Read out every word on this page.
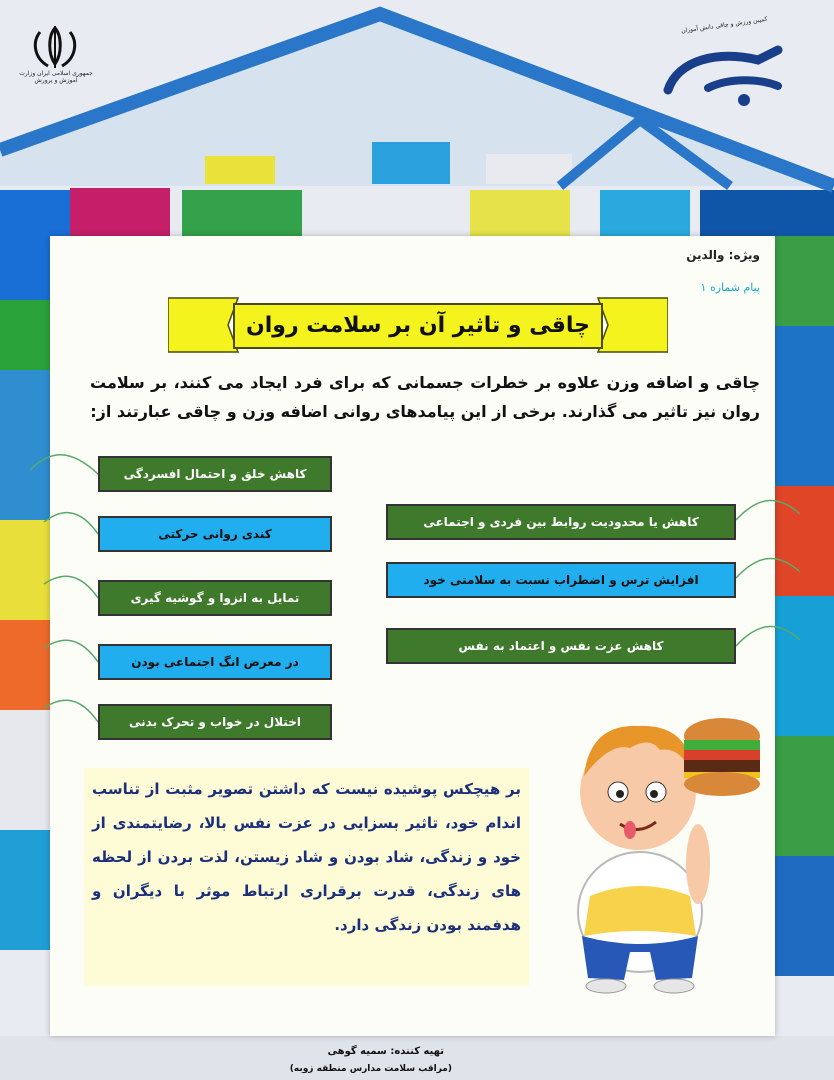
جمهوری اسلامی ایران وزارت آموزش و پرورش
کمپین ورزش و چاقی دانش آموزان
ویژه: والدین
پیام شماره ۱
چاقی و تاثیر آن بر سلامت روان
چاقی و اضافه وزن علاوه بر خطرات جسمانی که برای فرد ایجاد می کنند، بر سلامت روان نیز تاثیر می گذارند. برخی از این پیامدهای روانی اضافه وزن و چاقی عبارتند از:
کاهش خلق و احتمال افسردگی
کندی روانی حرکتی
تمایل به انزوا و گوشیه گیری
در معرض انگ اجتماعی بودن
اختلال در خواب و تحرک بدنی
کاهش یا محدودیت روابط بین فردی و اجتماعی
افزایش ترس و اضطراب نسبت به سلامتی خود
کاهش عزت نفس و اعتماد به نفس
بر هیچکس پوشیده نیست که داشتن تصویر مثبت از تناسب اندام خود، تاثیر بسزایی در عزت نفس بالا، رضایتمندی از خود و زندگی، شاد بودن و شاد زیستن، لذت بردن از لحظه های زندگی، قدرت برقراری ارتباط موثر با دیگران و هدفمند بودن زندگی دارد.
تهیه کننده: سمیه گوهی
(مراقب سلامت مدارس منطقه زوبه)
